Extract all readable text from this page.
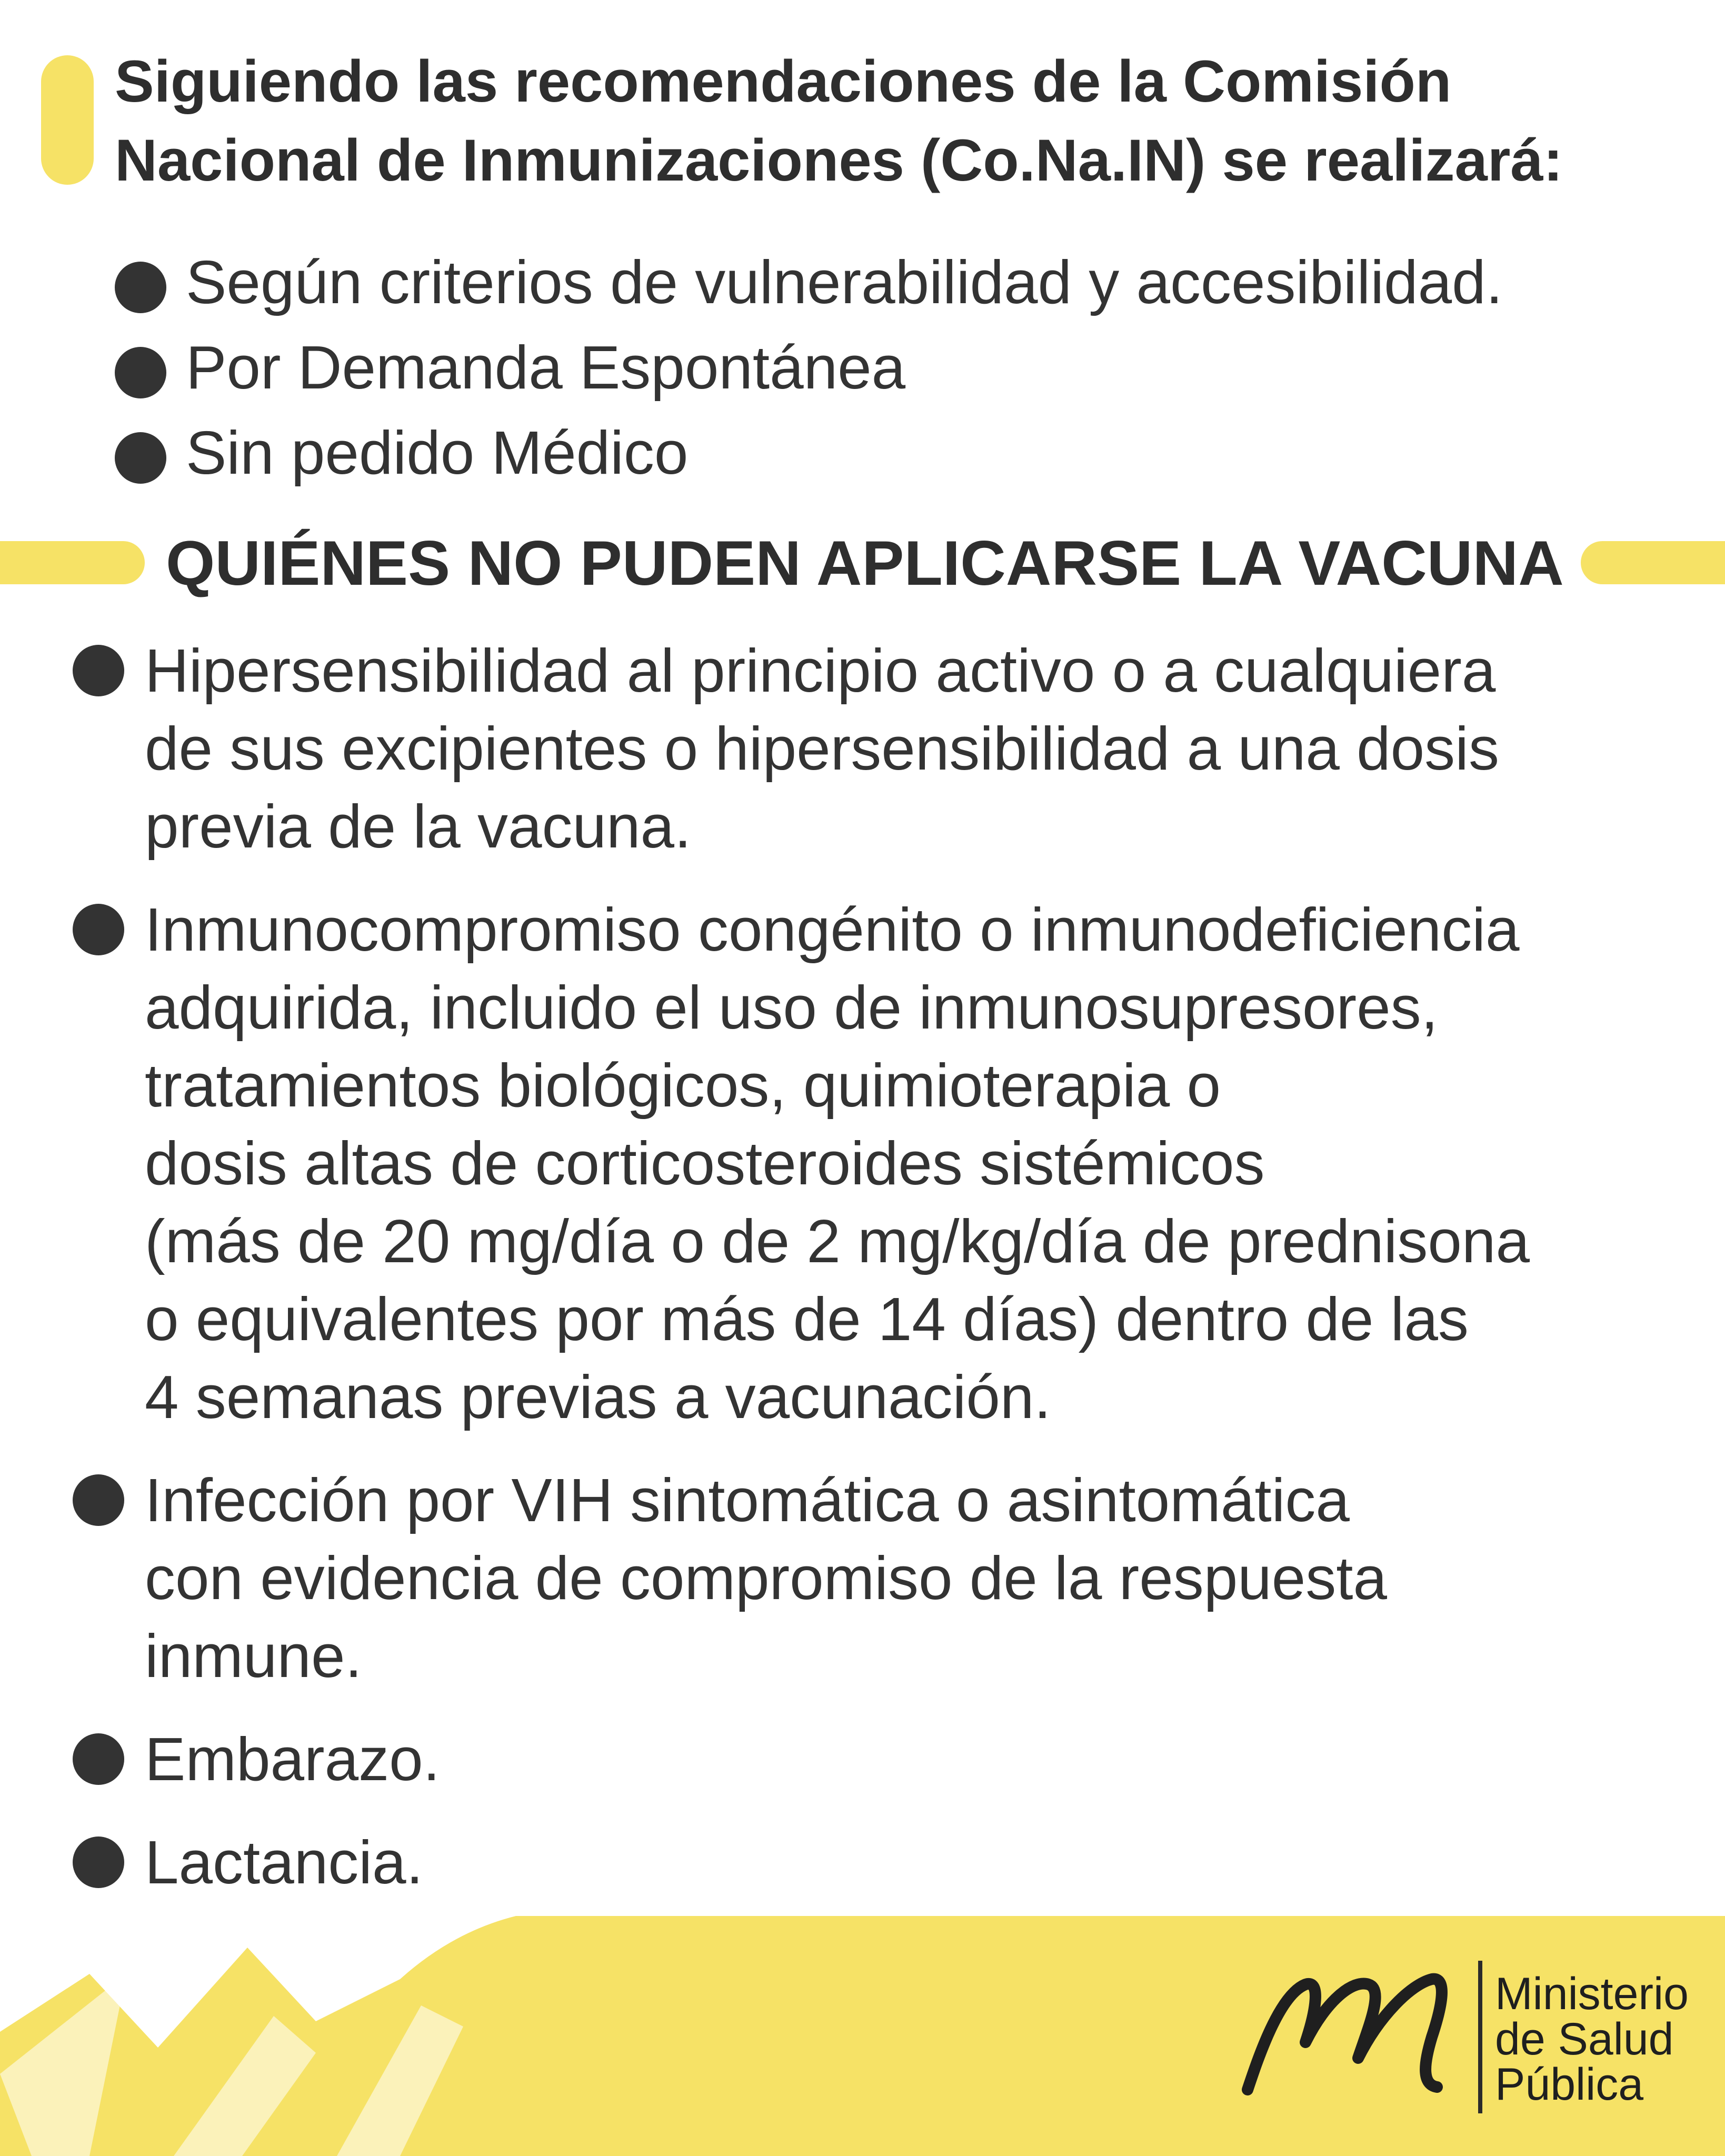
Siguiendo las recomendaciones de la Comisión
Nacional de Inmunizaciones (Co.Na.IN) se realizará:
Según criterios de vulnerabilidad y accesibilidad.
Por Demanda Espontánea
Sin pedido Médico
QUIÉNES NO PUDEN APLICARSE LA VACUNA
Hipersensibilidad al principio activo o a cualquiera
de sus excipientes o hipersensibilidad a una dosis
previa de la vacuna.
Inmunocompromiso congénito o inmunodeficiencia
adquirida, incluido el uso de inmunosupresores,
tratamientos biológicos, quimioterapia o
dosis altas de corticosteroides sistémicos
(más de 20 mg/día o de 2 mg/kg/día de prednisona
o equivalentes por más de 14 días) dentro de las
4 semanas previas a vacunación.
Infección por VIH sintomática o asintomática
con evidencia de compromiso de la respuesta
inmune.
Embarazo.
Lactancia.
Ministerio
de Salud
Pública
